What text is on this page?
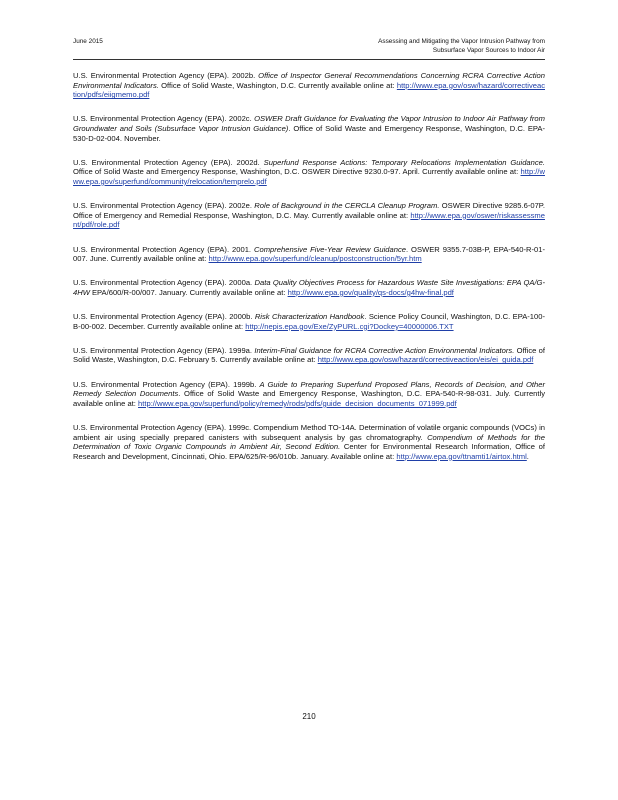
June 2015	Assessing and Mitigating the Vapor Intrusion Pathway from
Subsurface Vapor Sources to Indoor Air

U.S. Environmental Protection Agency (EPA). 2002b. Office of Inspector General Recommendations Concerning RCRA Corrective Action Environmental Indicators. Office of Solid Waste, Washington, D.C. Currently available online at: http://www.epa.gov/osw/hazard/correctiveaction/pdfs/eiigmemo.pdf

U.S. Environmental Protection Agency (EPA). 2002c. OSWER Draft Guidance for Evaluating the Vapor Intrusion to Indoor Air Pathway from Groundwater and Soils (Subsurface Vapor Intrusion Guidance). Office of Solid Waste and Emergency Response, Washington, D.C. EPA-530-D-02-004. November.

U.S. Environmental Protection Agency (EPA). 2002d. Superfund Response Actions: Temporary Relocations Implementation Guidance. Office of Solid Waste and Emergency Response, Washington, D.C. OSWER Directive 9230.0-97. April. Currently available online at: http://www.epa.gov/superfund/community/relocation/temprelo.pdf

U.S. Environmental Protection Agency (EPA). 2002e. Role of Background in the CERCLA Cleanup Program. OSWER Directive 9285.6-07P. Office of Emergency and Remedial Response, Washington, D.C. May. Currently available online at: http://www.epa.gov/oswer/riskassessment/pdf/role.pdf

U.S. Environmental Protection Agency (EPA). 2001. Comprehensive Five-Year Review Guidance. OSWER 9355.7-03B-P, EPA-540-R-01-007. June. Currently available online at: http://www.epa.gov/superfund/cleanup/postconstruction/5yr.htm

U.S. Environmental Protection Agency (EPA). 2000a. Data Quality Objectives Process for Hazardous Waste Site Investigations: EPA QA/G-4HW EPA/600/R-00/007. January. Currently available online at: http://www.epa.gov/quality/qs-docs/g4hw-final.pdf

U.S. Environmental Protection Agency (EPA). 2000b. Risk Characterization Handbook. Science Policy Council, Washington, D.C. EPA-100-B-00-002. December. Currently available online at: http://nepis.epa.gov/Exe/ZyPURL.cgi?Dockey=40000006.TXT

U.S. Environmental Protection Agency (EPA). 1999a. Interim-Final Guidance for RCRA Corrective Action Environmental Indicators. Office of Solid Waste, Washington, D.C. February 5. Currently available online at: http://www.epa.gov/osw/hazard/correctiveaction/eis/ei_guida.pdf

U.S. Environmental Protection Agency (EPA). 1999b. A Guide to Preparing Superfund Proposed Plans, Records of Decision, and Other Remedy Selection Documents. Office of Solid Waste and Emergency Response, Washington, D.C. EPA-540-R-98-031. July. Currently available online at: http://www.epa.gov/superfund/policy/remedy/rods/pdfs/guide_decision_documents_071999.pdf

U.S. Environmental Protection Agency (EPA). 1999c. Compendium Method TO-14A. Determination of volatile organic compounds (VOCs) in ambient air using specially prepared canisters with subsequent analysis by gas chromatography. Compendium of Methods for the Determination of Toxic Organic Compounds in Ambient Air, Second Edition. Center for Environmental Research Information, Office of Research and Development, Cincinnati, Ohio. EPA/625/R-96/010b. January. Available online at: http://www.epa.gov/ttnamti1/airtox.html.

210
